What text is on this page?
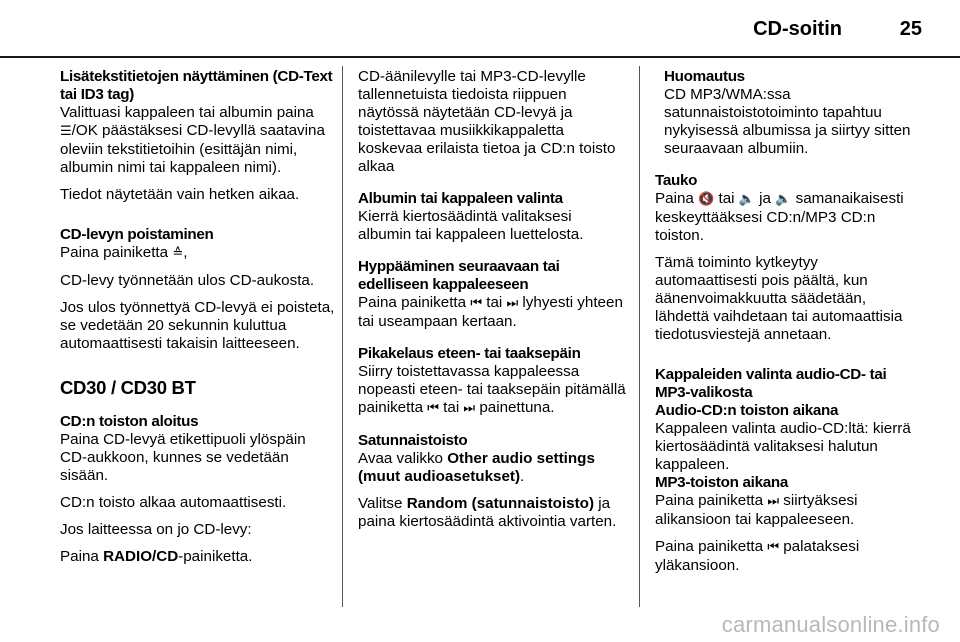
CD-soitin	25
Lisätekstitietojen näyttäminen (CD-Text tai ID3 tag)

Valittuasi kappaleen tai albumin paina ☰/OK päästäksesi CD-levyllä saatavina oleviin tekstitietoihin (esittäjän nimi, albumin nimi tai kappaleen nimi).

Tiedot näytetään vain hetken aikaa.

CD-levyn poistaminen

Paina painiketta ≙,

CD-levy työnnetään ulos CD-aukosta.

Jos ulos työnnettyä CD-levyä ei poisteta, se vedetään 20 sekunnin kuluttua automaattisesti takaisin laitteeseen.

CD30 / CD30 BT
CD:n toiston aloitus

Paina CD-levyä etikettipuoli ylöspäin CD-aukkoon, kunnes se vedetään sisään.

CD:n toisto alkaa automaattisesti.

Jos laitteessa on jo CD-levy:

Paina RADIO/CD-painiketta.

CD-äänilevylle tai MP3-CD-levylle tallennetuista tiedoista riippuen näytössä näytetään CD-levyä ja toistettavaa musiikkikappaletta koskevaa erilaista tietoa ja CD:n toisto alkaa

Albumin tai kappaleen valinta

Kierrä kiertosäädintä valitaksesi albumin tai kappaleen luettelosta.

Hyppääminen seuraavaan tai edelliseen kappaleeseen

Paina painiketta ⏮ tai ⏭ lyhyesti yhteen tai useampaan kertaan.

Pikakelaus eteen- tai taaksepäin

Siirry toistettavassa kappaleessa nopeasti eteen- tai taaksepäin pitämällä painiketta ⏮ tai ⏭ painettuna.

Satunnaistoisto

Avaa valikko Other audio settings (muut audioasetukset).

Valitse Random (satunnaistoisto) ja paina kiertosäädintä aktivointia varten.

Huomautus

CD MP3/WMA:ssa satunnaistoistotoiminto tapahtuu nykyisessä albumissa ja siirtyy sitten seuraavaan albumiin.

Tauko

Paina 🔇 tai 🔈 ja 🔈 samanaikaisesti keskeyttääksesi CD:n/MP3 CD:n toiston.

Tämä toiminto kytkeytyy automaattisesti pois päältä, kun äänenvoimakkuutta säädetään, lähdettä vaihdetaan tai automaattisia tiedotusviestejä annetaan.

Kappaleiden valinta audio-CD- tai MP3-valikosta
Audio-CD:n toiston aikana

Kappaleen valinta audio-CD:ltä: kierrä kiertosäädintä valitaksesi halutun kappaleen.

MP3-toiston aikana

Paina painiketta ⏭ siirtyäksesi alikansioon tai kappaleeseen.

Paina painiketta ⏮ palataksesi yläkansioon.

carmanualsonline.info
